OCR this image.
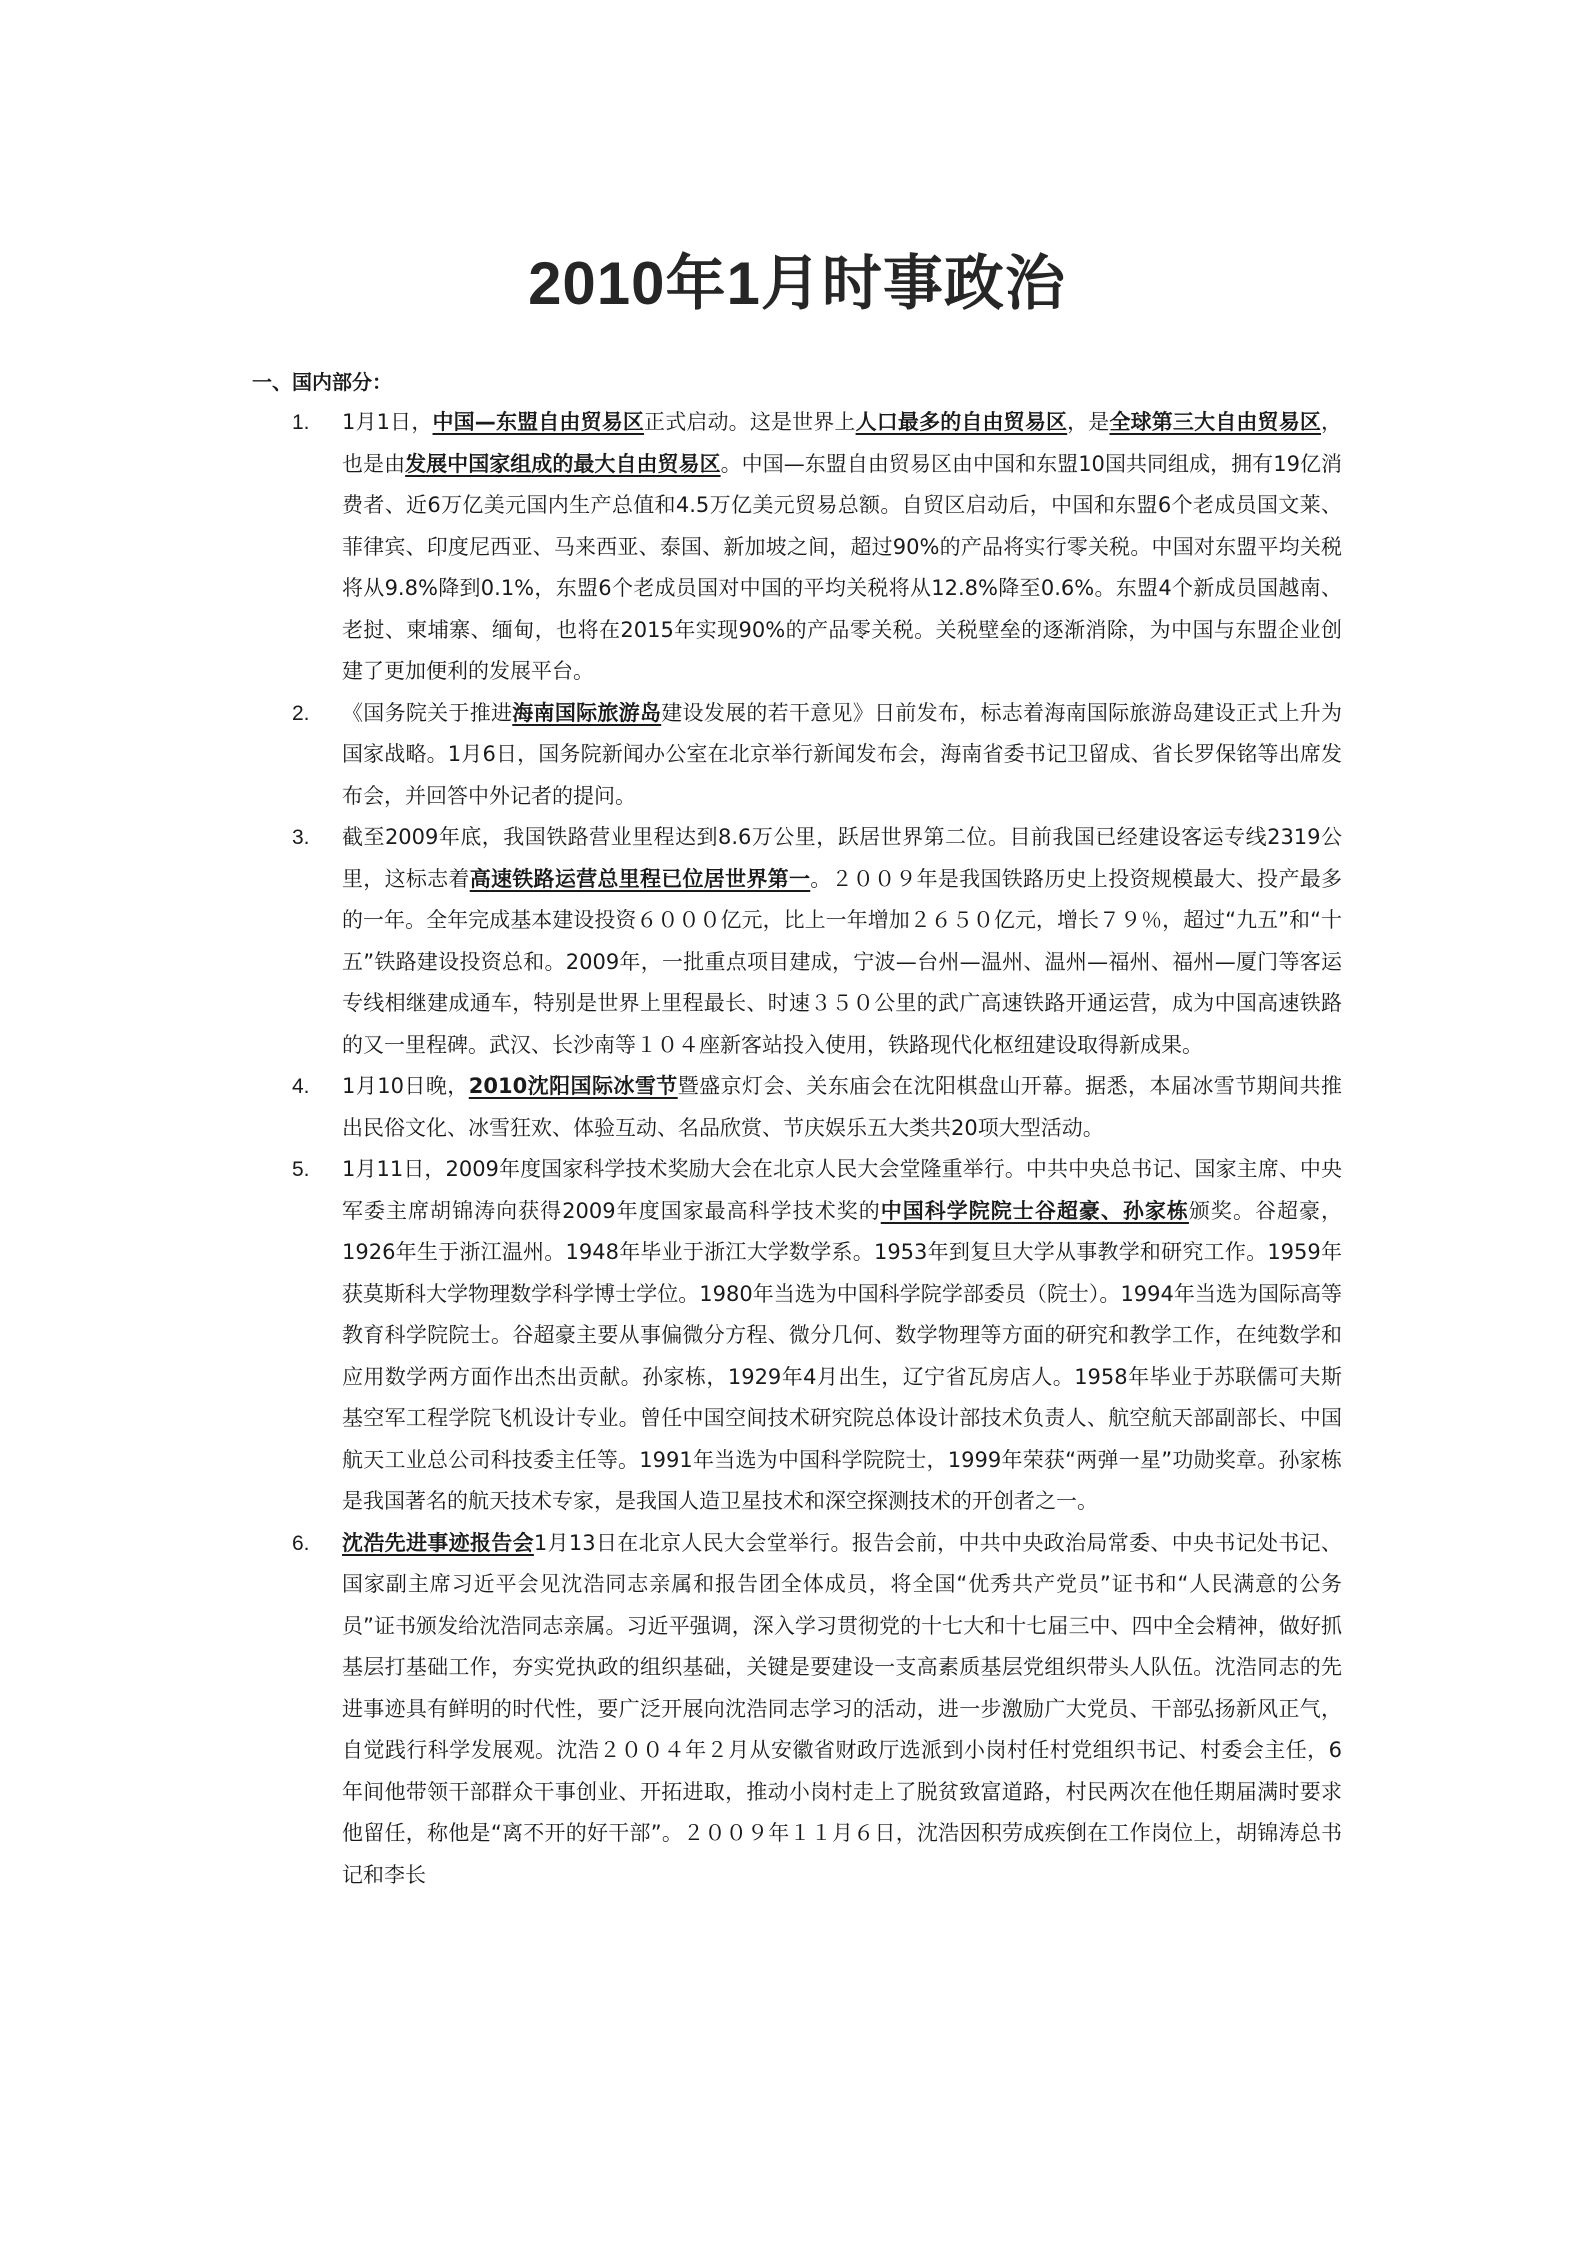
2010年1月时事政治
一、国内部分：
1. 1月1日，中国—东盟自由贸易区正式启动。这是世界上人口最多的自由贸易区，是全球第三大自由贸易区，也是由发展中国家组成的最大自由贸易区。中国—东盟自由贸易区由中国和东盟10国共同组成，拥有19亿消费者、近6万亿美元国内生产总值和4.5万亿美元贸易总额。自贸区启动后，中国和东盟6个老成员国文莱、菲律宾、印度尼西亚、马来西亚、泰国、新加坡之间，超过90%的产品将实行零关税。中国对东盟平均关税将从9.8%降到0.1%，东盟6个老成员国对中国的平均关税将从12.8%降至0.6%。东盟4个新成员国越南、老挝、柬埔寨、缅甸，也将在2015年实现90%的产品零关税。关税壁垒的逐渐消除，为中国与东盟企业创建了更加便利的发展平台。

2. 《国务院关于推进海南国际旅游岛建设发展的若干意见》日前发布，标志着海南国际旅游岛建设正式上升为国家战略。1月6日，国务院新闻办公室在北京举行新闻发布会，海南省委书记卫留成、省长罗保铭等出席发布会，并回答中外记者的提问。

3. 截至2009年底，我国铁路营业里程达到8.6万公里，跃居世界第二位。目前我国已经建设客运专线2319公里，这标志着高速铁路运营总里程已位居世界第一。２００９年是我国铁路历史上投资规模最大、投产最多的一年。全年完成基本建设投资６０００亿元，比上一年增加２６５０亿元，增长７９％，超过“九五”和“十五”铁路建设投资总和。2009年，一批重点项目建成，宁波—台州—温州、温州—福州、福州—厦门等客运专线相继建成通车，特别是世界上里程最长、时速３５０公里的武广高速铁路开通运营，成为中国高速铁路的又一里程碑。武汉、长沙南等１０４座新客站投入使用，铁路现代化枢纽建设取得新成果。

4. 1月10日晚，2010沈阳国际冰雪节暨盛京灯会、关东庙会在沈阳棋盘山开幕。据悉，本届冰雪节期间共推出民俗文化、冰雪狂欢、体验互动、名品欣赏、节庆娱乐五大类共20项大型活动。

5. 1月11日，2009年度国家科学技术奖励大会在北京人民大会堂隆重举行。中共中央总书记、国家主席、中央军委主席胡锦涛向获得2009年度国家最高科学技术奖的中国科学院院士谷超豪、孙家栋颁奖。谷超豪，1926年生于浙江温州。1948年毕业于浙江大学数学系。1953年到复旦大学从事教学和研究工作。1959年获莫斯科大学物理数学科学博士学位。1980年当选为中国科学院学部委员（院士）。1994年当选为国际高等教育科学院院士。谷超豪主要从事偏微分方程、微分几何、数学物理等方面的研究和教学工作，在纯数学和应用数学两方面作出杰出贡献。孙家栋，1929年4月出生，辽宁省瓦房店人。1958年毕业于苏联儒可夫斯基空军工程学院飞机设计专业。曾任中国空间技术研究院总体设计部技术负责人、航空航天部副部长、中国航天工业总公司科技委主任等。1991年当选为中国科学院院士，1999年荣获“两弹一星”功勋奖章。孙家栋是我国著名的航天技术专家，是我国人造卫星技术和深空探测技术的开创者之一。

6. 沈浩先进事迹报告会1月13日在北京人民大会堂举行。报告会前，中共中央政治局常委、中央书记处书记、国家副主席习近平会见沈浩同志亲属和报告团全体成员，将全国“优秀共产党员”证书和“人民满意的公务员”证书颁发给沈浩同志亲属。习近平强调，深入学习贯彻党的十七大和十七届三中、四中全会精神，做好抓基层打基础工作，夯实党执政的组织基础，关键是要建设一支高素质基层党组织带头人队伍。沈浩同志的先进事迹具有鲜明的时代性，要广泛开展向沈浩同志学习的活动，进一步激励广大党员、干部弘扬新风正气，自觉践行科学发展观。沈浩２００４年２月从安徽省财政厅选派到小岗村任村党组织书记、村委会主任，6年间他带领干部群众干事创业、开拓进取，推动小岗村走上了脱贫致富道路，村民两次在他任期届满时要求他留任，称他是“离不开的好干部”。２００９年１１月６日，沈浩因积劳成疾倒在工作岗位上，胡锦涛总书记和李长
